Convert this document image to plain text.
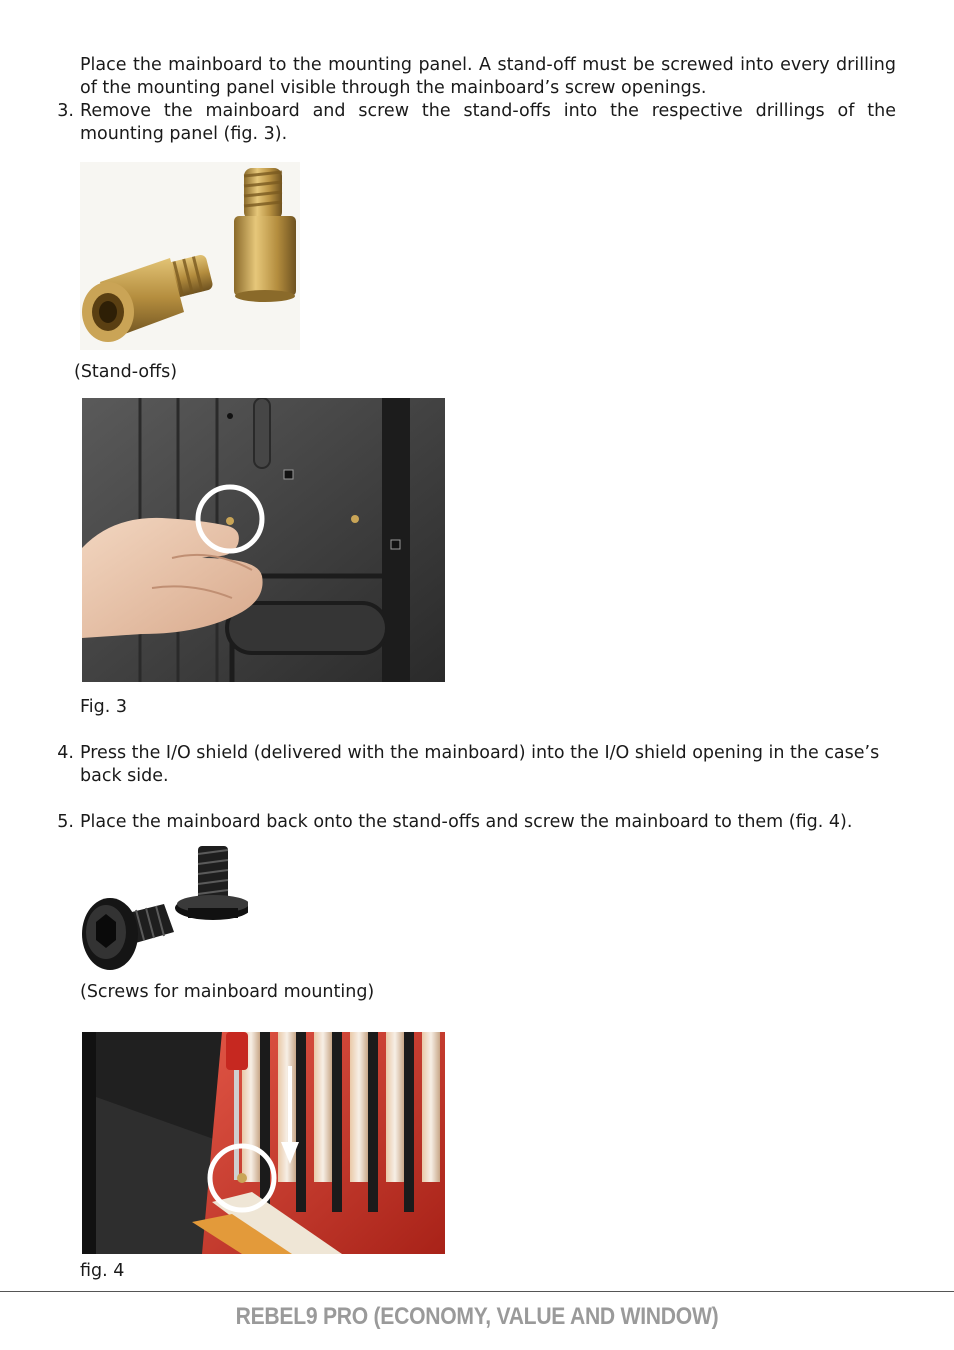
Place the mainboard to the mounting panel. A stand-off must be screwed into every drilling of the mounting panel visible through the mainboard’s screw openings.
3. Remove the mainboard and screw the stand-offs into the respective drillings of the mounting panel (fig. 3).
(Stand-offs)
Fig. 3
4. Press the I/O shield (delivered with the mainboard) into the I/O shield opening in the case’s back side.
5. Place the mainboard back onto the stand-offs and screw the mainboard to them (fig. 4).
(Screws for mainboard mounting)
fig. 4
REBEL9 PRO (ECONOMY, VALUE AND WINDOW)
